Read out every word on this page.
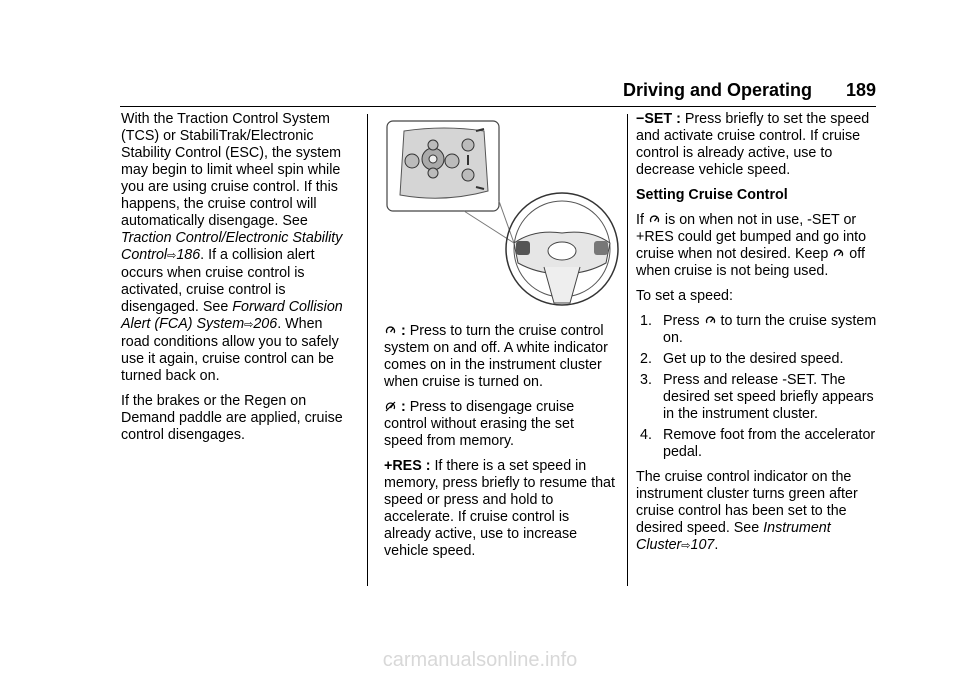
Driving and Operating 189

With the Traction Control System (TCS) or StabiliTrak/Electronic Stability Control (ESC), the system may begin to limit wheel spin while you are using cruise control. If this happens, the cruise control will automatically disengage. See Traction Control/Electronic Stability Control⇨186. If a collision alert occurs when cruise control is activated, cruise control is disengaged. See Forward Collision Alert (FCA) System⇨206. When road conditions allow you to safely use it again, cruise control can be turned back on.

If the brakes or the Regen on Demand paddle are applied, cruise control disengages.

: Press to turn the cruise control system on and off. A white indicator comes on in the instrument cluster when cruise is turned on.

: Press to disengage cruise control without erasing the set speed from memory.

+RES : If there is a set speed in memory, press briefly to resume that speed or press and hold to accelerate. If cruise control is already active, use to increase vehicle speed.

−SET : Press briefly to set the speed and activate cruise control. If cruise control is already active, use to decrease vehicle speed.

Setting Cruise Control

If
is on when not in use, -SET or +RES could get bumped and go into cruise when not desired. Keep
off when cruise is not being used.

To set a speed:

1. Press
to turn the cruise system on.
2. Get up to the desired speed.
3. Press and release -SET. The desired set speed briefly appears in the instrument cluster.
4. Remove foot from the accelerator pedal.

The cruise control indicator on the instrument cluster turns green after cruise control has been set to the desired speed. See Instrument Cluster⇨107.

carmanualsonline.info
